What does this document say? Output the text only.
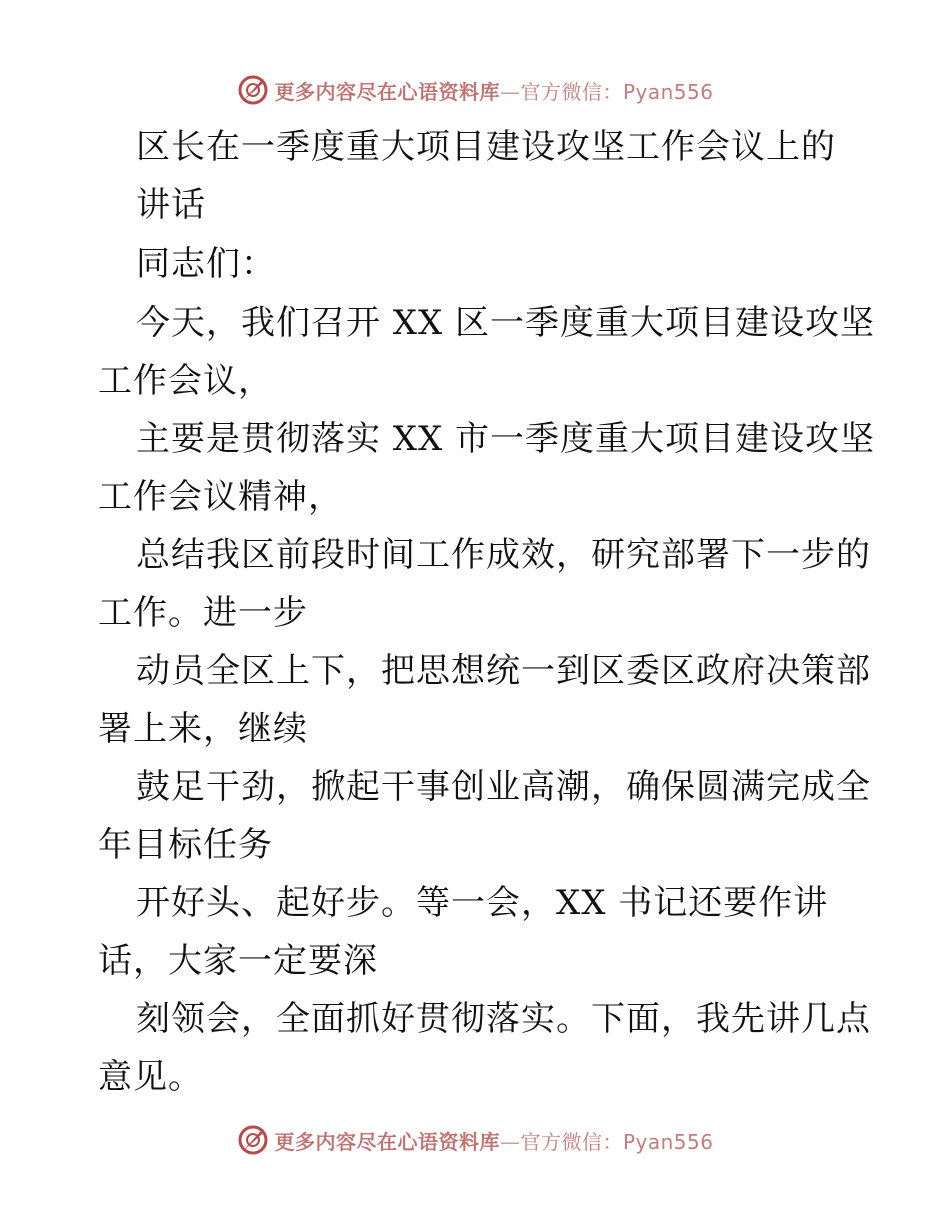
更多内容尽在心语资料库—官方微信：Pyan556
区长在一季度重大项目建设攻坚工作会议上的
讲话
同志们：
今天，我们召开 XX 区一季度重大项目建设攻坚
工作会议，
主要是贯彻落实 XX 市一季度重大项目建设攻坚
工作会议精神，
总结我区前段时间工作成效，研究部署下一步的
工作。进一步
动员全区上下，把思想统一到区委区政府决策部
署上来，继续
鼓足干劲，掀起干事创业高潮，确保圆满完成全
年目标任务
开好头、起好步。等一会，XX 书记还要作讲
话，大家一定要深
刻领会，全面抓好贯彻落实。下面，我先讲几点
意见。
更多内容尽在心语资料库—官方微信：Pyan556
